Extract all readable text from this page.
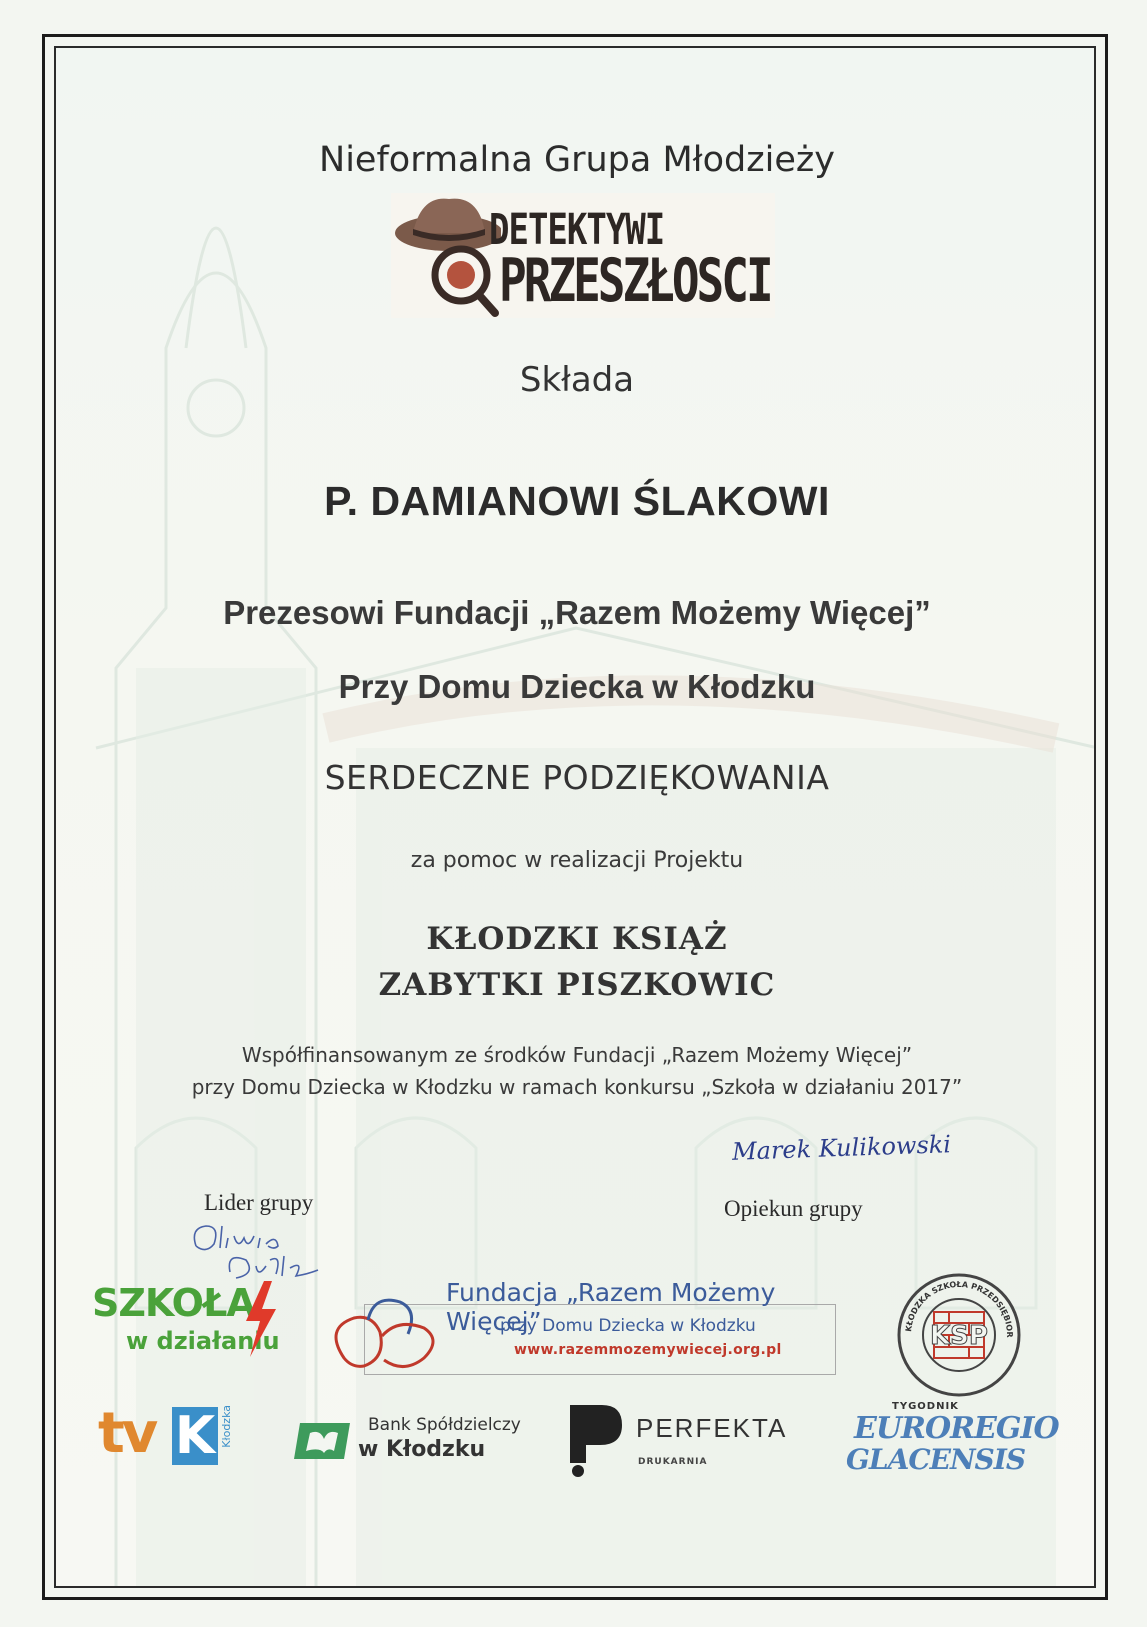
Nieformalna Grupa Młodzieży
DETEKTYWI
PRZESZŁOSCI
Składa
P. DAMIANOWI ŚLAKOWI
Prezesowi Fundacji „Razem Możemy Więcej”
Przy Domu Dziecka w Kłodzku
SERDECZNE PODZIĘKOWANIA
za pomoc w realizacji Projektu
KŁODZKI KSIĄŻ
ZABYTKI PISZKOWIC
Współfinansowanym ze środków Fundacji „Razem Możemy Więcej”
przy Domu Dziecka w Kłodzku w ramach konkursu „Szkoła w działaniu 2017”
Marek Kulikowski
Lider grupy	Opiekun grupy
SZKOŁA
w działaniu
Fundacja „Razem Możemy Więcej”
przy Domu Dziecka w Kłodzku
www.razemmozemywiecej.org.pl	KSP
KŁODZKA SZKOŁA PRZEDSIĘBIOR
tv K Kłodzka	Bank Spółdzielczy
w Kłodzku
PERFEKTA
DRUKARNIA
TYGODNIK
EUROREGIO
GLACENSIS
